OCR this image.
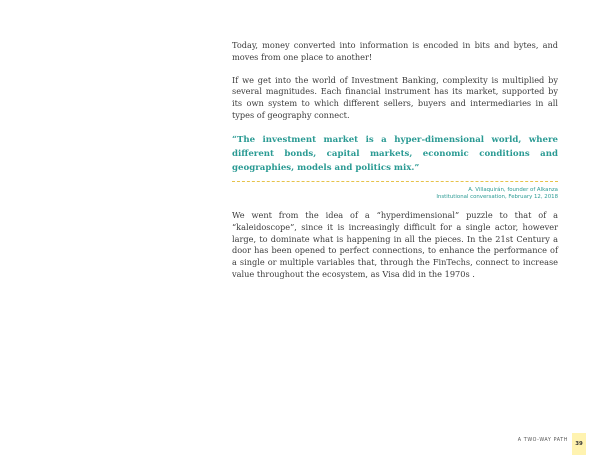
Today, money converted into information is encoded in bits and bytes, and moves from one place to another!

If we get into the world of Investment Banking, complexity is multiplied by several magnitudes. Each financial instrument has its market, supported by its own system to which different sellers, buyers and intermediaries in all types of geography connect.

“The investment market is a hyper-dimensional world, where different bonds, capital markets, economic conditions and geographies, models and politics mix.”

A. Villaquirán, founder of Alkanza
Institutional conversation, February 12, 2018

We went from the idea of a “hyperdimensional” puzzle to that of a “kaleidoscope”, since it is increasingly difficult for a single actor, however large, to dominate what is happening in all the pieces. In the 21st Century a door has been opened to perfect connections, to enhance the performance of a single or multiple variables that, through the FinTechs, connect to increase value throughout the ecosystem, as Visa did in the 1970s .

A TWO-WAY PATH
39
